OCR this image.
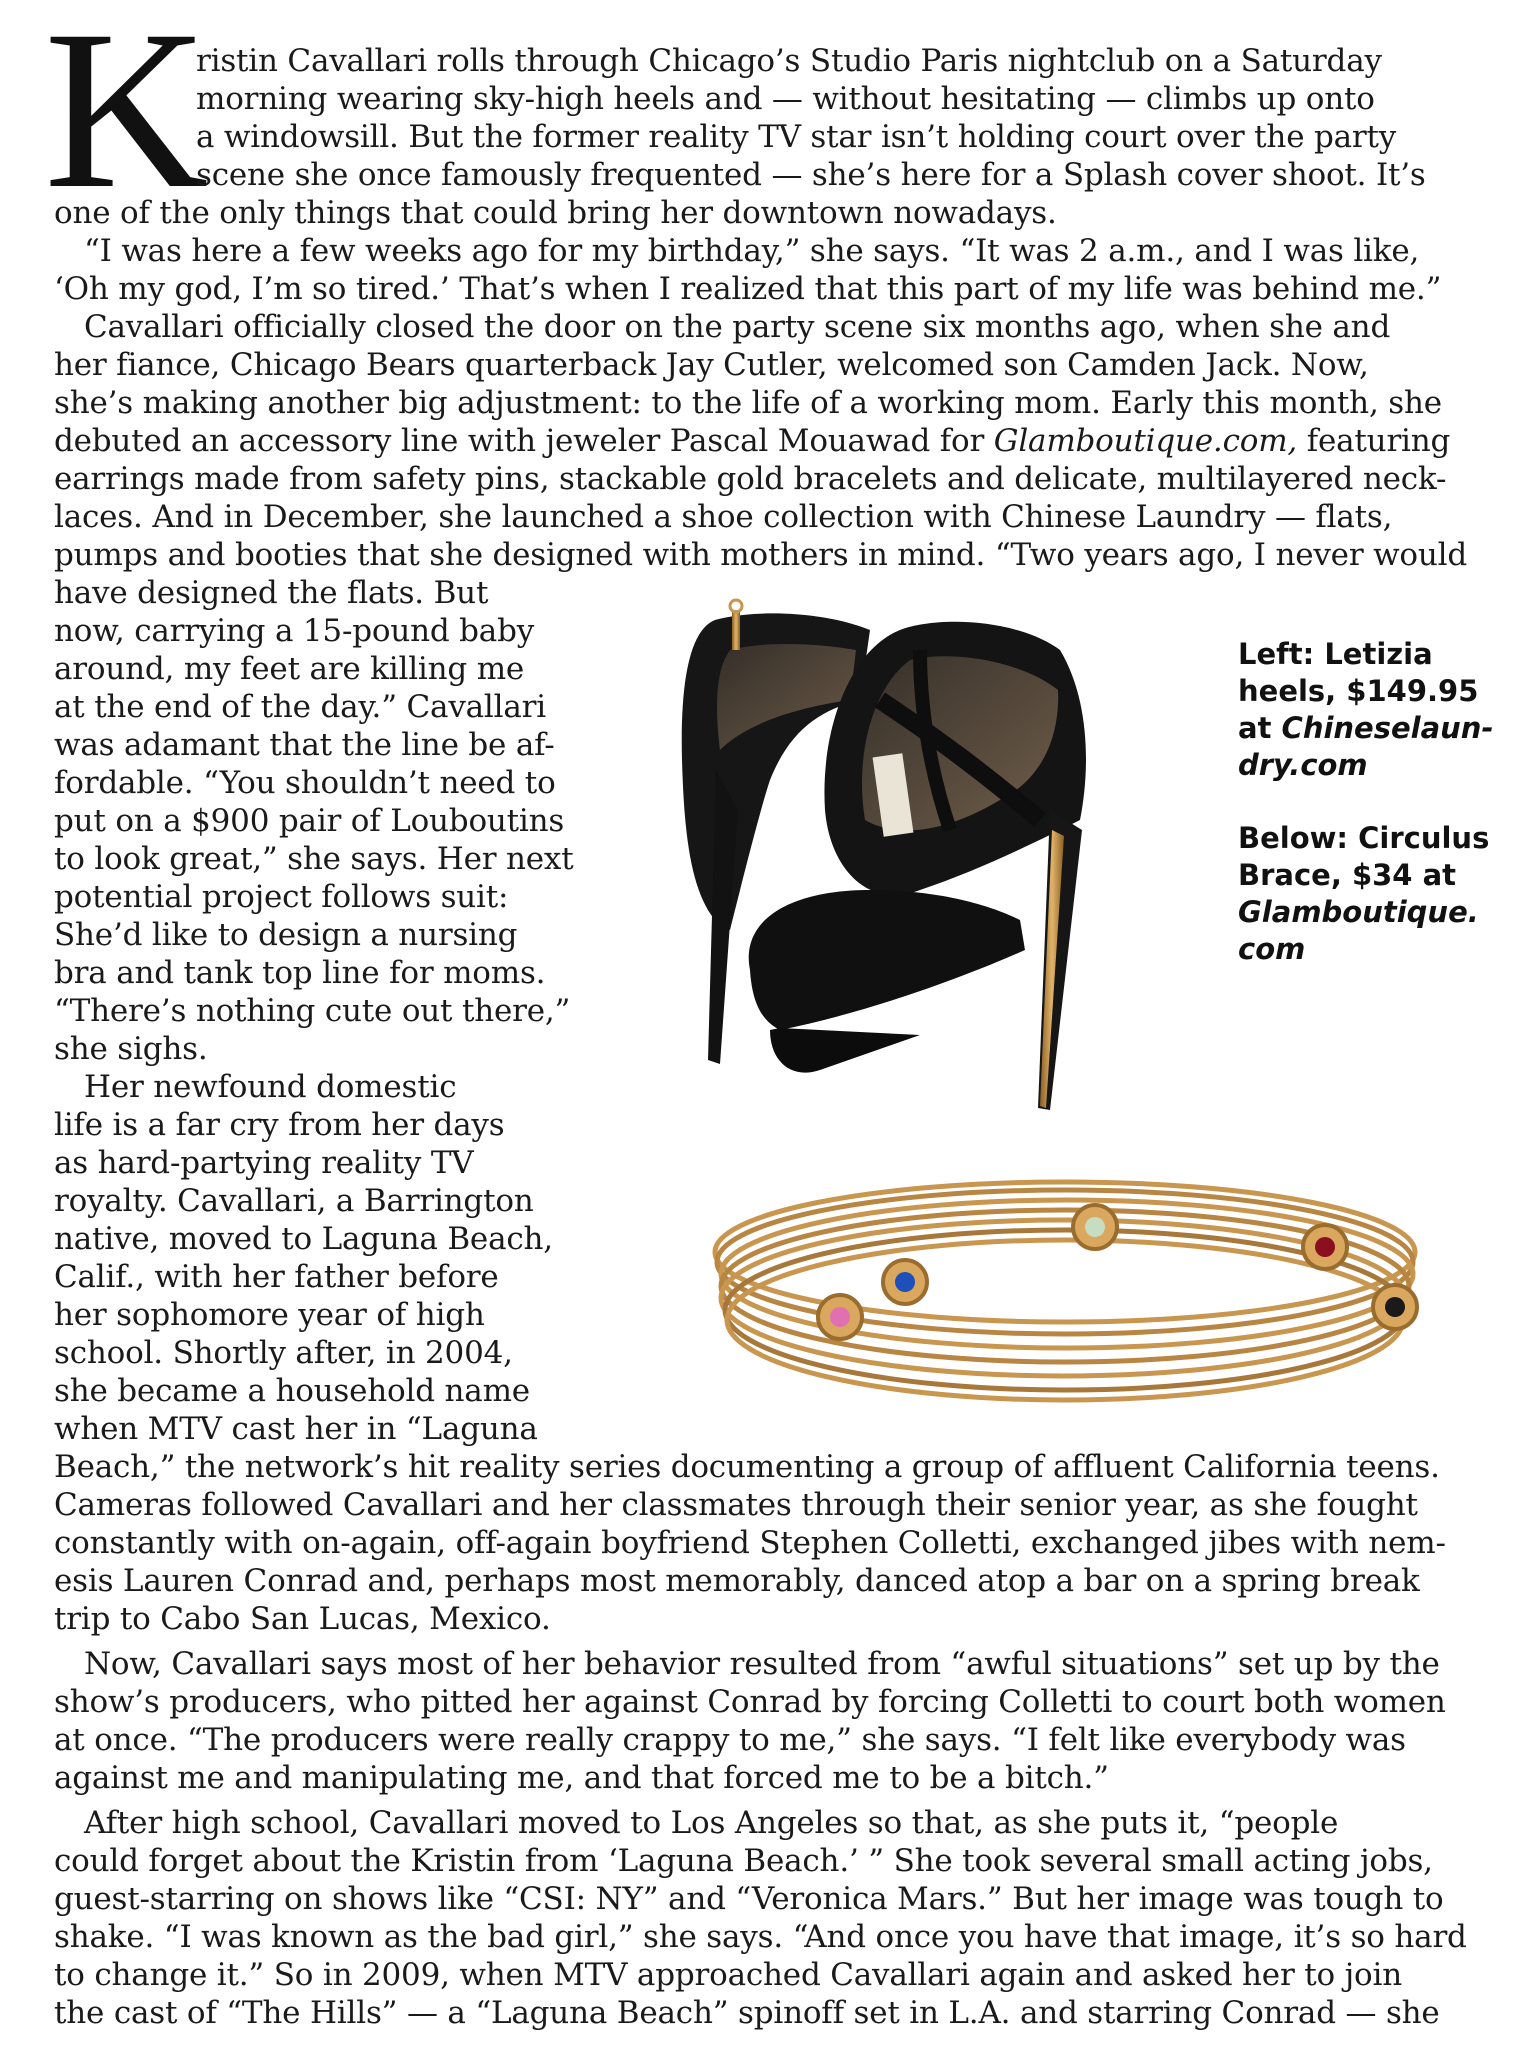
K
ristin Cavallari rolls through Chicago’s Studio Paris nightclub on a Saturday
morning wearing sky-high heels and — without hesitating — climbs up onto
a windowsill. But the former reality TV star isn’t holding court over the party
scene she once famously frequented — she’s here for a Splash cover shoot. It’s
one of the only things that could bring her downtown nowadays.
“I was here a few weeks ago for my birthday,” she says. “It was 2 a.m., and I was like,
‘Oh my god, I’m so tired.’ That’s when I realized that this part of my life was behind me.”
Cavallari officially closed the door on the party scene six months ago, when she and
her fiance, Chicago Bears quarterback Jay Cutler, welcomed son Camden Jack. Now,
she’s making another big adjustment: to the life of a working mom. Early this month, she
debuted an accessory line with jeweler Pascal Mouawad for Glamboutique.com, featuring
earrings made from safety pins, stackable gold bracelets and delicate, multilayered neck-
laces. And in December, she launched a shoe collection with Chinese Laundry — flats,
pumps and booties that she designed with mothers in mind. “Two years ago, I never would
have designed the flats. But
now, carrying a 15-pound baby
around, my feet are killing me
at the end of the day.” Cavallari
was adamant that the line be af-
fordable. “You shouldn’t need to
put on a $900 pair of Louboutins
to look great,” she says. Her next
potential project follows suit:
She’d like to design a nursing
bra and tank top line for moms.
“There’s nothing cute out there,”
she sighs.
Her newfound domestic
life is a far cry from her days
as hard-partying reality TV
royalty. Cavallari, a Barrington
native, moved to Laguna Beach,
Calif., with her father before
her sophomore year of high
school. Shortly after, in 2004,
she became a household name
when MTV cast her in “Laguna
Beach,” the network’s hit reality series documenting a group of affluent California teens.
Cameras followed Cavallari and her classmates through their senior year, as she fought
constantly with on-again, off-again boyfriend Stephen Colletti, exchanged jibes with nem-
esis Lauren Conrad and, perhaps most memorably, danced atop a bar on a spring break
trip to Cabo San Lucas, Mexico.
Now, Cavallari says most of her behavior resulted from “awful situations” set up by the
show’s producers, who pitted her against Conrad by forcing Colletti to court both women
at once. “The producers were really crappy to me,” she says. “I felt like everybody was
against me and manipulating me, and that forced me to be a bitch.”
After high school, Cavallari moved to Los Angeles so that, as she puts it, “people
could forget about the Kristin from ‘Laguna Beach.’ ” She took several small acting jobs,
guest-starring on shows like “CSI: NY” and “Veronica Mars.” But her image was tough to
shake. “I was known as the bad girl,” she says. “And once you have that image, it’s so hard
to change it.” So in 2009, when MTV approached Cavallari again and asked her to join
the cast of “The Hills” — a “Laguna Beach” spinoff set in L.A. and starring Conrad — she
Left: Letizia
heels, $149.95
at Chineselaun-
dry.com
Below: Circulus
Brace, $34 at
Glamboutique.
com
